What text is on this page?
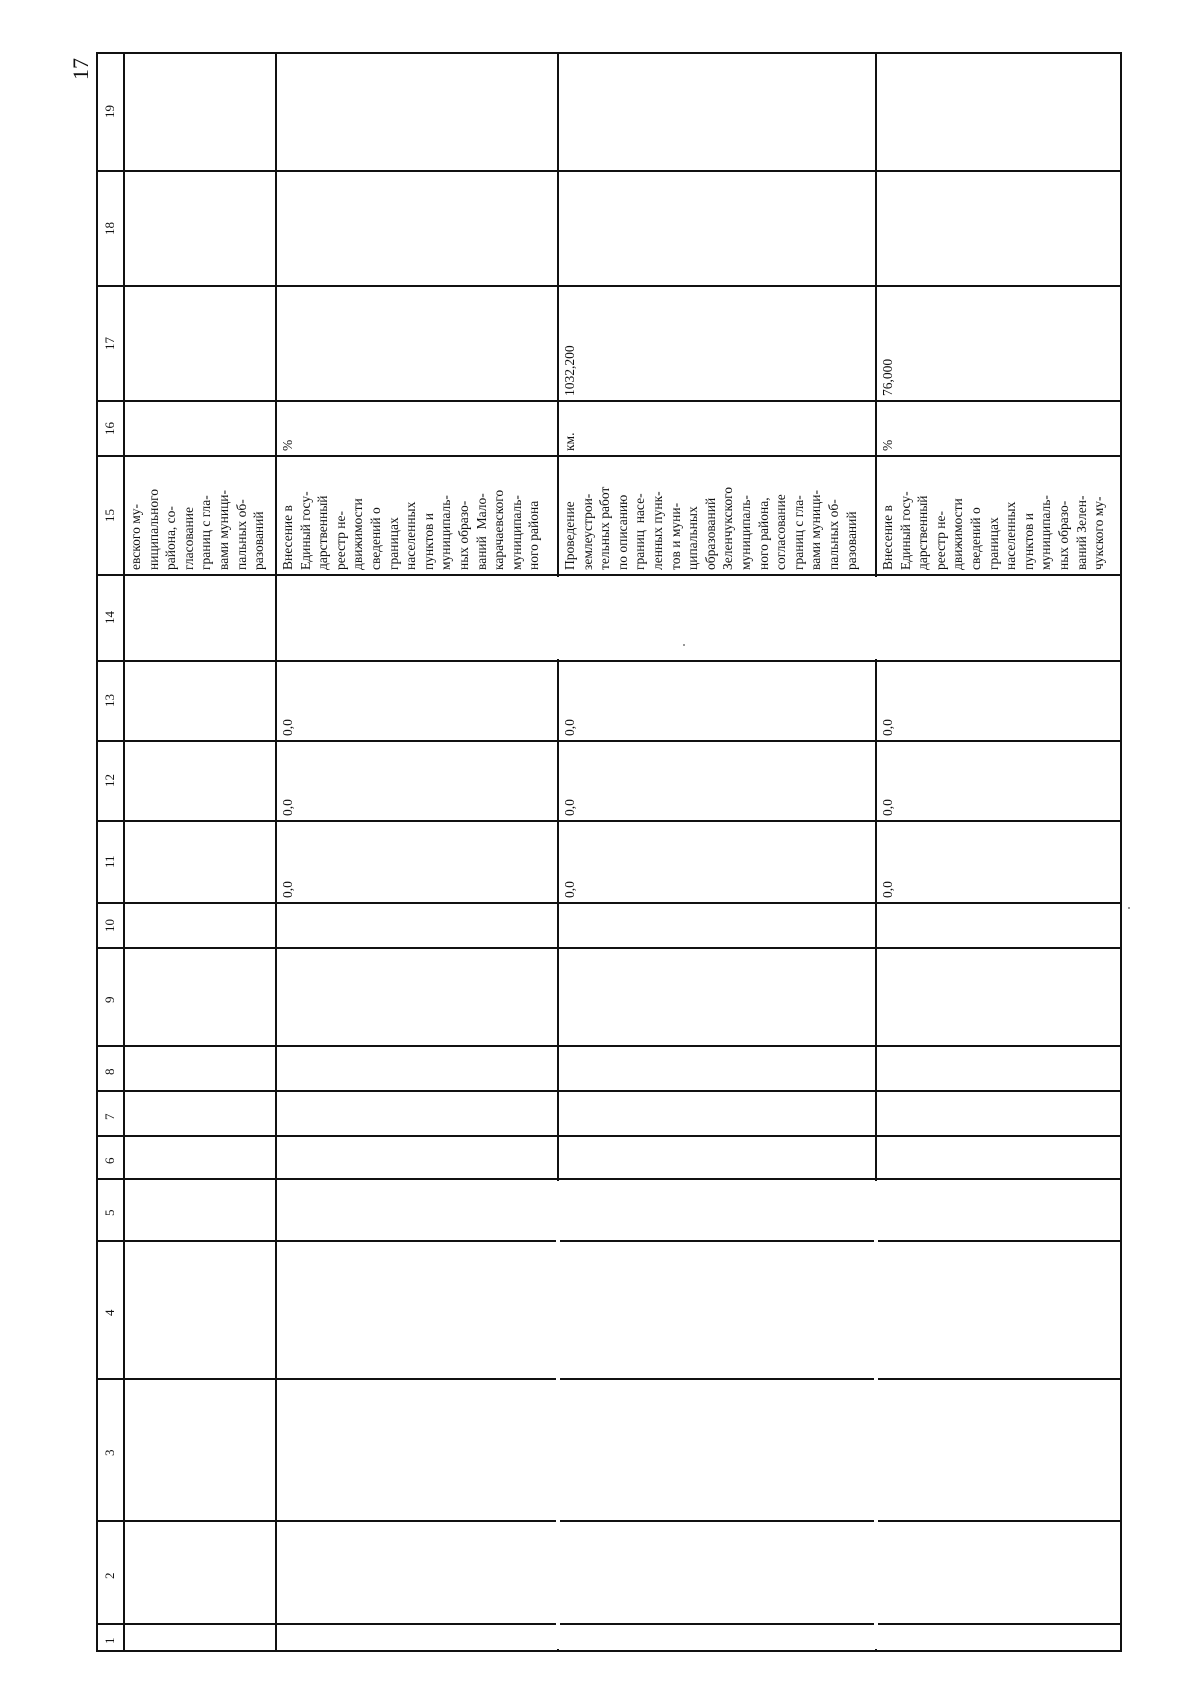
17
1
2
3
4
5
6
7
8
9
10
11
12
13
14
15
16
17
18
19
евского му-
ниципального
района, со-
гласование
границ с гла-
вами муници-
пальных об-
разований Внесение в
Единый госу-
дарственный
реестр не-
движимости
сведений о
границах
населенных
пунктов и
муниципаль-
ных образо-
ваний  Мало-
карачаевского
муниципаль-
ного района
%
0,0
0,0
0,0
Проведение
землеустрои-
тельных работ
по описанию
границ  насе-
ленных пунк-
тов и муни-
ципальных
образований
Зеленчукского
муниципаль-
ного района,
согласование
границ с гла-
вами муници-
пальных об-
разований
км.
1032,200
0,0
0,0
0,0
Внесение в
Единый госу-
дарственный
реестр не-
движимости
сведений о
границах
населенных
пунктов и
муниципаль-
ных образо-
ваний Зелен-
чукского му-
%
76,000
0,0
0,0
0,0
